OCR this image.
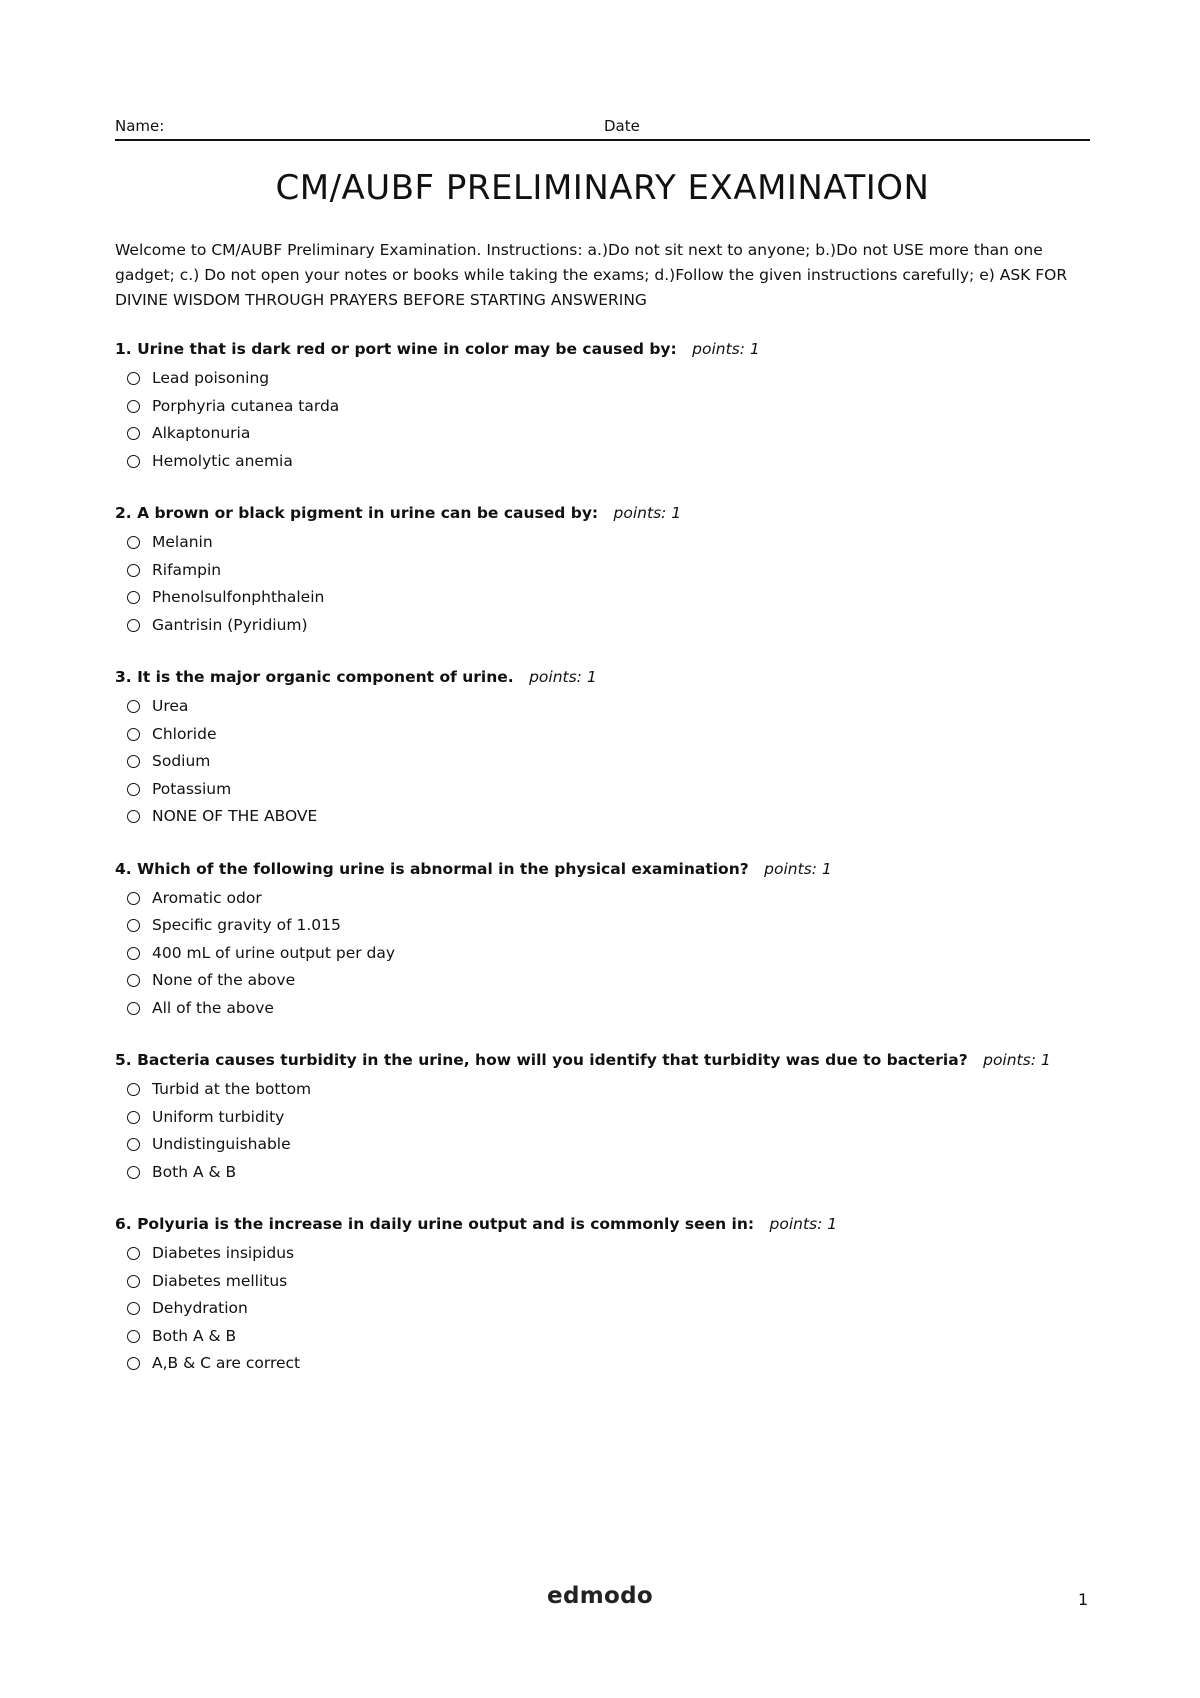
Name:	Date
CM/AUBF PRELIMINARY EXAMINATION

Welcome to CM/AUBF Preliminary Examination. Instructions: a.)Do not sit next to anyone; b.)Do not USE more than one gadget; c.) Do not open your notes or books while taking the exams; d.)Follow the given instructions carefully; e) ASK FOR DIVINE WISDOM THROUGH PRAYERS BEFORE STARTING ANSWERING

1. Urine that is dark red or port wine in color may be caused by: points: 1

Lead poisoning
Porphyria cutanea tarda
Alkaptonuria
Hemolytic anemia

2. A brown or black pigment in urine can be caused by: points: 1

Melanin
Rifampin
Phenolsulfonphthalein
Gantrisin (Pyridium)

3. It is the major organic component of urine. points: 1

Urea
Chloride
Sodium
Potassium
NONE OF THE ABOVE

4. Which of the following urine is abnormal in the physical examination? points: 1

Aromatic odor
Specific gravity of 1.015
400 mL of urine output per day
None of the above
All of the above

5. Bacteria causes turbidity in the urine, how will you identify that turbidity was due to bacteria? points: 1

Turbid at the bottom
Uniform turbidity
Undistinguishable
Both A & B

6. Polyuria is the increase in daily urine output and is commonly seen in: points: 1

Diabetes insipidus
Diabetes mellitus
Dehydration
Both A & B
A,B & C are correct
edmodo	1
